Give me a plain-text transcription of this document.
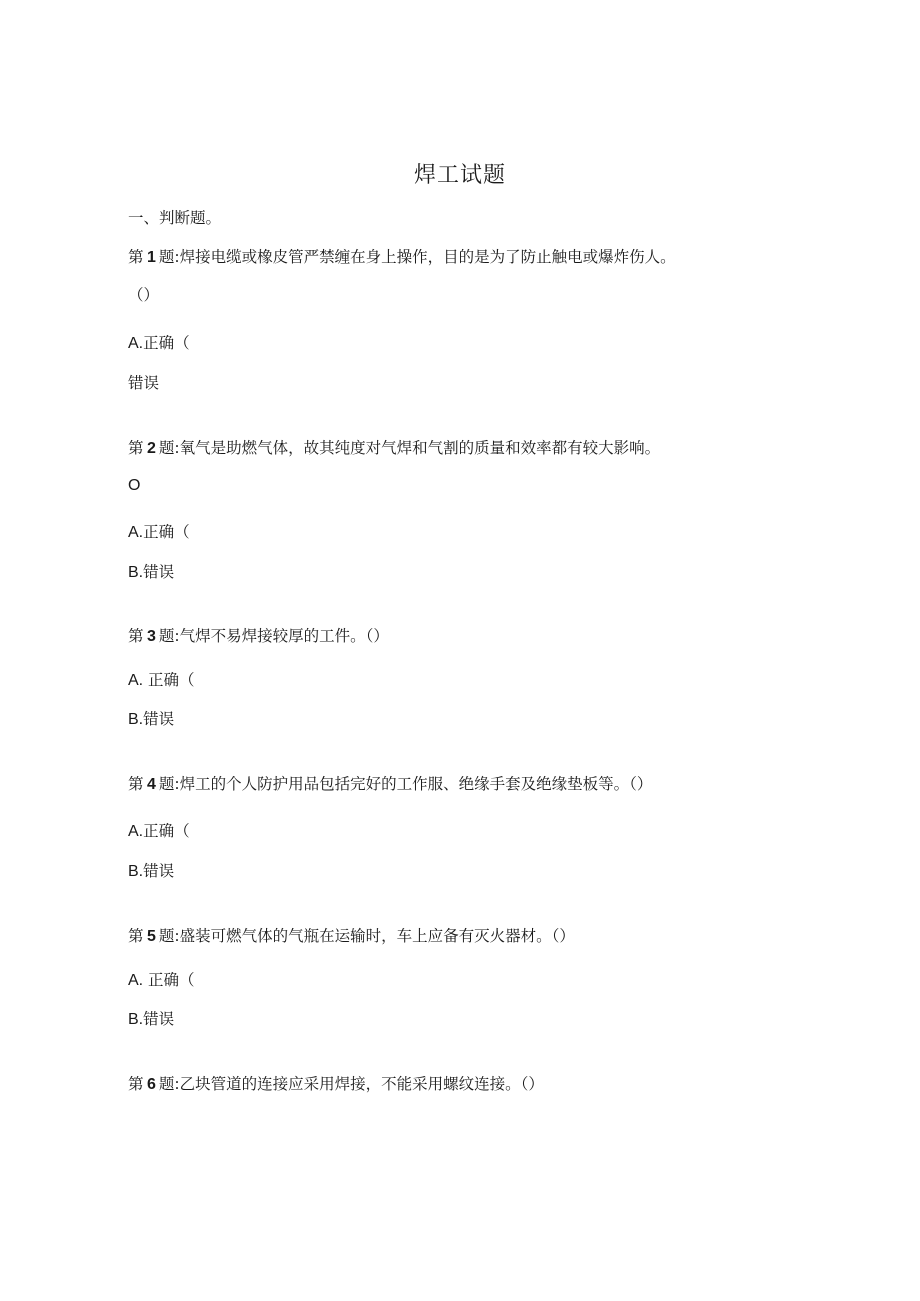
焊工试题
一、判断题。
第 1 题:焊接电缆或橡皮管严禁缠在身上操作，目的是为了防止触电或爆炸伤人。
（）
A.正确（
错误
第 2 题:氧气是助燃气体，故其纯度对气焊和气割的质量和效率都有较大影响。
O
A.正确（
B.错误
第 3 题:气焊不易焊接较厚的工件。（）
A. 正确（
B.错误
第 4 题:焊工的个人防护用品包括完好的工作服、绝缘手套及绝缘垫板等。（）
A.正确（
B.错误
第 5 题:盛装可燃气体的气瓶在运输时，车上应备有灭火器材。（）
A. 正确（
B.错误
第 6 题:乙块管道的连接应采用焊接，不能采用螺纹连接。（）
